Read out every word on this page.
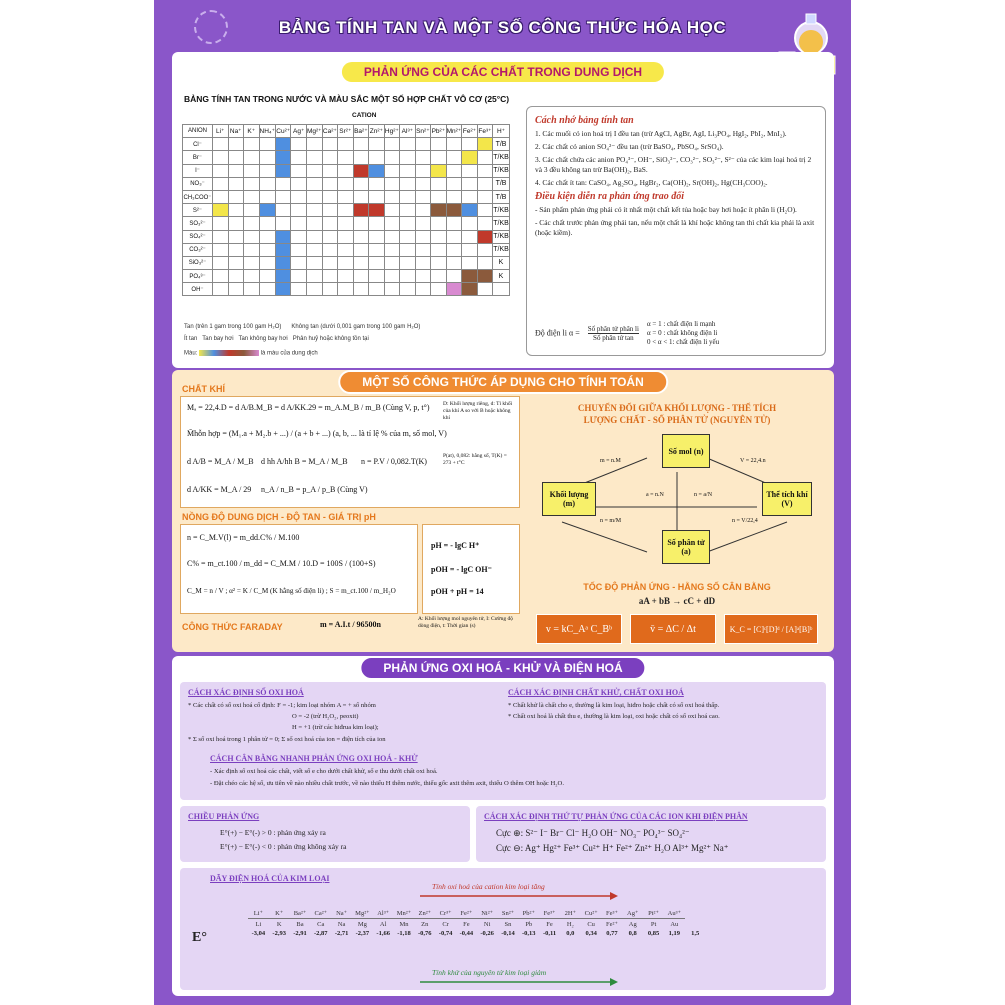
BẢNG TÍNH TAN VÀ MỘT SỐ CÔNG THỨC HÓA HỌC
PHẢN ỨNG CỦA CÁC CHẤT TRONG DUNG DỊCH
BẢNG TÍNH TAN TRONG NƯỚC VÀ MÀU SẮC MỘT SỐ HỢP CHẤT VÔ CƠ (25°C)
CATION
ANION	Li⁺	Na⁺	K⁺	NH₄⁺	Cu²⁺	Ag⁺	Mg²⁺	Ca²⁺	Sr²⁺	Ba²⁺	Zn²⁺	Hg²⁺	Al³⁺	Sn²⁺	Pb²⁺	Mn²⁺	Fe²⁺	Fe³⁺	H⁺
Cl⁻																			T/B
Br⁻																			T/KB
I⁻																			T/KB
NO₃⁻																			T/B
CH₃COO⁻																			T/B
S²⁻																			T/KB
SO₃²⁻																			T/KB
SO₄²⁻																			T/KB
CO₃²⁻																			T/KB
SiO₃²⁻																			K
PO₄³⁻																			K
OH⁻																			
Tan (trên 1 gam trong 100 gam H₂O) Không tan (dưới 0,001 gam trong 100 gam H₂O)
Ít tan Tan bay hơi Tan không bay hơi Phản huỷ hoặc không tồn tại
Màu:	là màu của dung dịch
Cách nhớ bảng tính tan

1. Các muối có ion hoá trị I đều tan (trừ AgCl, AgBr, AgI, Li₃PO₄, HgI₂, PbI₂, MnI₂).

2. Các chất có anion SO₄²⁻ đều tan (trừ BaSO₄, PbSO₄, SrSO₄).

3. Các chất chứa các anion PO₄³⁻, OH⁻, SiO₃²⁻, CO₃²⁻, SO₃²⁻, S²⁻ của các kim loại hoá trị 2 và 3 đều không tan trừ Ba(OH)₂, BaS.

4. Các chất ít tan: CaSO₄, Ag₂SO₄, HgBr₂, Ca(OH)₂, Sr(OH)₂, Hg(CH₃COO)₂.

Điều kiện diễn ra phản ứng trao đổi

- Sản phẩm phản ứng phải có ít nhất một chất kết tủa hoặc bay hơi hoặc ít phân li (H₂O).

- Các chất trước phản ứng phải tan, nếu một chất là khí hoặc không tan thì chất kia phải là axit (hoặc kiềm).

Độ điện li α = Số phân tử phân li
Số phân tử tan

α = 1 : chất điện li mạnh
α = 0 : chất không điện li
0 < α < 1: chất điện li yếu
MỘT SỐ CÔNG THỨC ÁP DỤNG CHO TÍNH TOÁN
CHẤT KHÍ
Mₐ = 22,4.D = d A/B.M_B = d A/KK.29 = m_A.M_B / m_B (Cùng V, p, t°) D: Khối lượng riêng, d: Tỉ khối của khí A so với B hoặc không khí
M̄hỗn hợp = (M₁.a + M₂.b + ...) / (a + b + ...) (a, b, ... là tỉ lệ % của m, số mol, V)
d A/B = M_A / M_B d hh A/hh B = M_A / M_B n = P.V / 0,082.T(K)
P(at), 0,082: hằng số, T(K) = 273 + t°C
d A/KK = M_A / 29 n_A / n_B = p_A / p_B (Cùng V)
NỒNG ĐỘ DUNG DỊCH - ĐỘ TAN - GIÁ TRỊ pH
n = C_M.V(l) = m_dd.C% / M.100
C% = m_ct.100 / m_dd = C_M.M / 10.D = 100S / (100+S)
C_M = n / V ; α² = K / C_M (K hằng số điện li) ; S = m_ct.100 / m_H₂O
pH = - lgC H⁺
pOH = - lgC OH⁻
pOH + pH = 14
CÔNG THỨC FARADAY	m = A.I.t / 96500n
A: Khối lượng mol nguyên tử, I: Cường độ dòng điện, t: Thời gian (s)
CHUYỂN ĐỔI GIỮA KHỐI LƯỢNG - THỂ TÍCH
LƯỢNG CHẤT - SỐ PHÂN TỬ (NGUYÊN TỬ)
Số mol (n)
Khối lượng (m)
Thể tích khí (V)
Số phân tử (a)
m = n.M	V = 22,4.n
n = m/M	n = V/22,4
a = n.N	n = a/N
TỐC ĐỘ PHẢN ỨNG - HẰNG SỐ CÂN BẰNG
aA + bB → cC + dD
v = kC_Aᵃ C_Bᵇ	v̄ = ΔC / Δt	K_C = [C]ᶜ[D]ᵈ / [A]ᵃ[B]ᵇ
PHẢN ỨNG OXI HOÁ - KHỬ VÀ ĐIỆN HOÁ
CÁCH XÁC ĐỊNH SỐ OXI HOÁ
* Các chất có số oxi hoá cố định: F = -1; kim loại nhóm A = + số nhóm
O = -2 (trừ H₂O₂, peoxit)
H = +1 (trừ các hiđrua kim loại);
* Σ số oxi hoá trong 1 phân tử = 0; Σ số oxi hoá của ion = điện tích của ion
CÁCH XÁC ĐỊNH CHẤT KHỬ, CHẤT OXI HOÁ
* Chất khử là chất cho e, thường là kim loại, hiđro hoặc chất có số oxi hoá thấp.
* Chất oxi hoá là chất thu e, thường là kim loại, oxi hoặc chất có số oxi hoá cao.
CÁCH CÂN BẰNG NHANH PHẢN ỨNG OXI HOÁ - KHỬ
- Xác định số oxi hoá các chất, viết số e cho dưới chất khử, số e thu dưới chất oxi hoá.
- Đặt chéo các hệ số, ưu tiên về nào nhiều chất trước, về nào thiếu H thêm nước, thiếu gốc axit thêm axit, thiếu O thêm OH hoặc H₂O.
CHIỀU PHẢN ỨNG
E°(+) − E°(-) > 0 : phản ứng xảy ra
E°(+) − E°(-) < 0 : phản ứng không xảy ra
CÁCH XÁC ĐỊNH THỨ TỰ PHẢN ỨNG CỦA CÁC ION KHI ĐIỆN PHÂN
Cực ⊕: S²⁻ I⁻ Br⁻ Cl⁻ H₂O OH⁻ NO₃⁻ PO₄³⁻ SO₄²⁻
Cực ⊖: Ag⁺ Hg²⁺ Fe³⁺ Cu²⁺ H⁺ Fe²⁺ Zn²⁺ H₂O Al³⁺ Mg²⁺ Na⁺
DÃY ĐIỆN HOÁ CỦA KIM LOẠI
Tính oxi hoá của cation kim loại tăng
E°
Tính khử của nguyên tử kim loại giảm
Li⁺	K⁺	Ba²⁺	Ca²⁺	Na⁺	Mg²⁺	Al³⁺	Mn²⁺	Zn²⁺	Cr³⁺	Fe²⁺	Ni²⁺	Sn²⁺	Pb²⁺	Fe³⁺	2H⁺	Cu²⁺	Fe³⁺	Ag⁺	Pt²⁺	Au³⁺	
Li	K	Ba	Ca	Na	Mg	Al	Mn	Zn	Cr	Fe	Ni	Sn	Pb	Fe	H₂	Cu	Fe²⁺	Ag	Pt	Au	
-3,04	-2,93	-2,91	-2,87	-2,71	-2,37	-1,66	-1,18	-0,76	-0,74	-0,44	-0,26	-0,14	-0,13	-0,11	0,0	0,34	0,77	0,8	0,85	1,19	1,5
